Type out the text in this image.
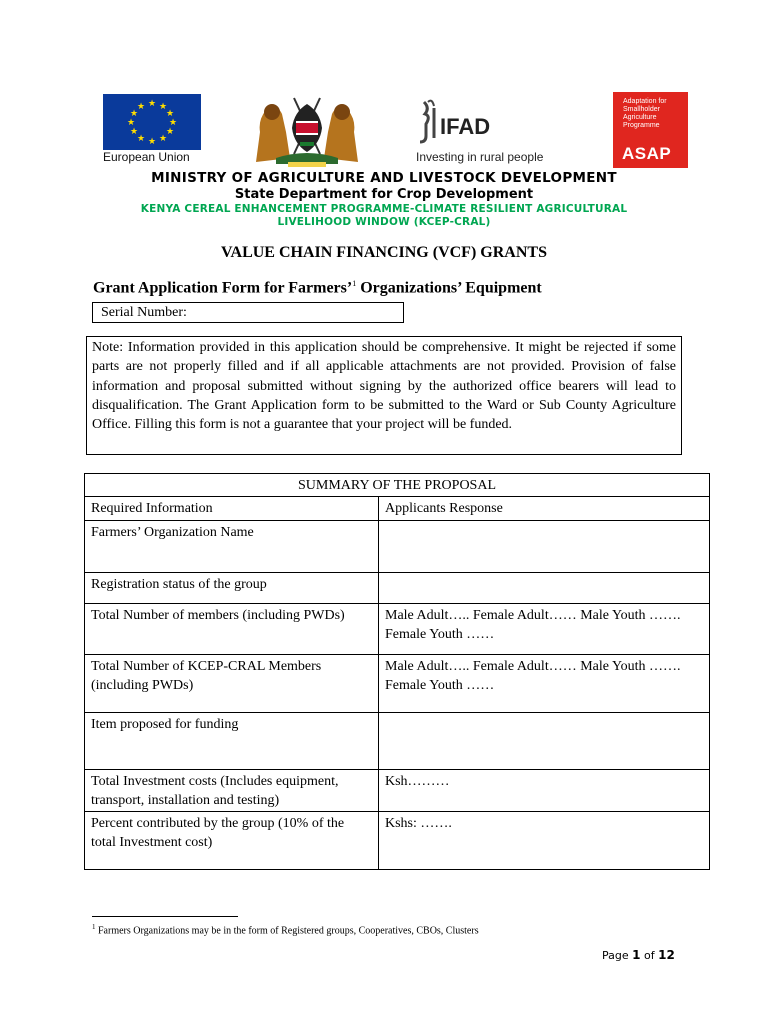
★ ★
★
★
★
★
★
★
★
★
★
★
European Union
IFAD
Investing in rural people
Adaptation for Smallholder Agriculture Programme
ASAP
MINISTRY OF AGRICULTURE AND LIVESTOCK DEVELOPMENT
State Department for Crop Development
KENYA CEREAL ENHANCEMENT PROGRAMME-CLIMATE RESILIENT AGRICULTURAL
LIVELIHOOD WINDOW (KCEP-CRAL)
VALUE CHAIN FINANCING (VCF) GRANTS
Grant Application Form for Farmers’$^1$ Organizations’ Equipment
Serial Number:
Note: Information provided in this application should be comprehensive. It might be rejected if some parts are not properly filled and if all applicable attachments are not provided. Provision of false information and proposal submitted without signing by the authorized office bearers will lead to disqualification. The Grant Application form to be submitted to the Ward or Sub County Agriculture Office. Filling this form is not a guarantee that your project will be funded.
SUMMARY OF THE PROPOSAL	
Required Information	Applicants Response
Farmers’ Organization Name	
Registration status of the group	
Total Number of members (including PWDs)	Male Adult….. Female Adult…… Male Youth ……. Female Youth ……
Total Number of KCEP-CRAL Members (including PWDs)	Male Adult….. Female Adult…… Male Youth ……. Female Youth ……
Item proposed for funding	
Total Investment costs (Includes equipment, transport, installation and testing)	Ksh………
Percent contributed by the group (10% of the total Investment cost)	Kshs: …….
$^1$ Farmers Organizations may be in the form of Registered groups, Cooperatives, CBOs, Clusters
Page 1 of 12
